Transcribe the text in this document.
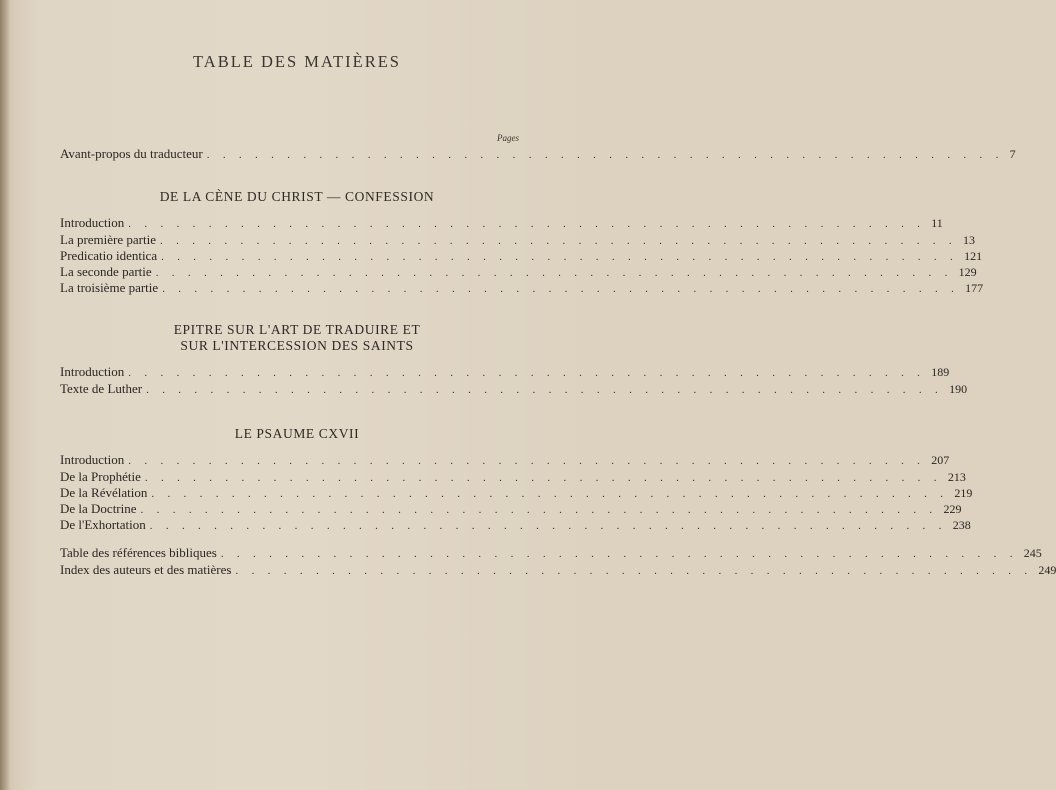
TABLE DES MATIÈRES
Pages
Avant-propos du traducteur . . . . . . . . . . . . . . . . . . . . . . . . . . . . . . . . . . . . . . . . . . . . . . . . . . 7
DE LA CÈNE DU CHRIST — CONFESSION
Introduction . . . . . . . . . . . . . . . . . . . . . . . . . . . . . . . . . . . . . . . . . . . . . . . . . . 11
La première partie . . . . . . . . . . . . . . . . . . . . . . . . . . . . . . . . . . . . . . . . . . . . . . . . . . 13
Predicatio identica . . . . . . . . . . . . . . . . . . . . . . . . . . . . . . . . . . . . . . . . . . . . . . . . . . 121
La seconde partie . . . . . . . . . . . . . . . . . . . . . . . . . . . . . . . . . . . . . . . . . . . . . . . . . . 129
La troisième partie . . . . . . . . . . . . . . . . . . . . . . . . . . . . . . . . . . . . . . . . . . . . . . . . . . 177
EPITRE SUR L'ART DE TRADUIRE ET
SUR L'INTERCESSION DES SAINTS
Introduction . . . . . . . . . . . . . . . . . . . . . . . . . . . . . . . . . . . . . . . . . . . . . . . . . . 189
Texte de Luther . . . . . . . . . . . . . . . . . . . . . . . . . . . . . . . . . . . . . . . . . . . . . . . . . . 190
LE PSAUME CXVII
Introduction . . . . . . . . . . . . . . . . . . . . . . . . . . . . . . . . . . . . . . . . . . . . . . . . . . 207
De la Prophétie . . . . . . . . . . . . . . . . . . . . . . . . . . . . . . . . . . . . . . . . . . . . . . . . . . 213
De la Révélation . . . . . . . . . . . . . . . . . . . . . . . . . . . . . . . . . . . . . . . . . . . . . . . . . . 219
De la Doctrine . . . . . . . . . . . . . . . . . . . . . . . . . . . . . . . . . . . . . . . . . . . . . . . . . . 229
De l'Exhortation . . . . . . . . . . . . . . . . . . . . . . . . . . . . . . . . . . . . . . . . . . . . . . . . . . 238
Table des références bibliques . . . . . . . . . . . . . . . . . . . . . . . . . . . . . . . . . . . . . . . . . . . . . . . . . . 245
Index des auteurs et des matières . . . . . . . . . . . . . . . . . . . . . . . . . . . . . . . . . . . . . . . . . . . . . . . . . . 249
